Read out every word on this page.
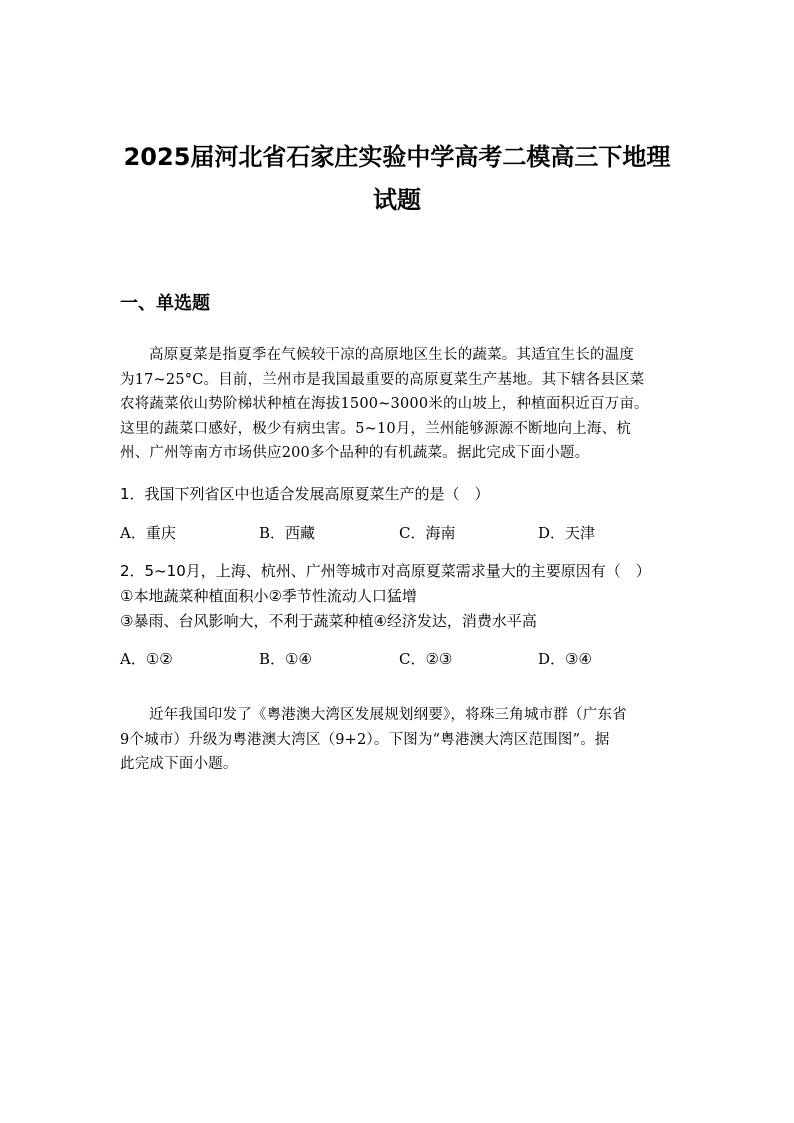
2025届河北省石家庄实验中学高考二模高三下地理
试题
一、单选题
高原夏菜是指夏季在气候较干凉的高原地区生长的蔬菜。其适宜生长的温度
为17~25°C。目前，兰州市是我国最重要的高原夏菜生产基地。其下辖各县区菜
农将蔬菜依山势阶梯状种植在海拔1500~3000米的山坡上，种植面积近百万亩。
这里的蔬菜口感好，极少有病虫害。5~10月，兰州能够源源不断地向上海、杭
州、广州等南方市场供应200多个品种的有机蔬菜。据此完成下面小题。
1．我国下列省区中也适合发展高原夏菜生产的是（　）
A．重庆	B．西藏	C．海南	D．天津
2．5~10月，上海、杭州、广州等城市对高原夏菜需求量大的主要原因有（　）
①本地蔬菜种植面积小②季节性流动人口猛增
③暴雨、台风影响大，不利于蔬菜种植④经济发达，消费水平高
A．①②	B．①④	C．②③	D．③④
近年我国印发了《粤港澳大湾区发展规划纲要》，将珠三角城市群（广东省
9个城市）升级为粤港澳大湾区（9+2）。下图为“粤港澳大湾区范围图”。据
此完成下面小题。
